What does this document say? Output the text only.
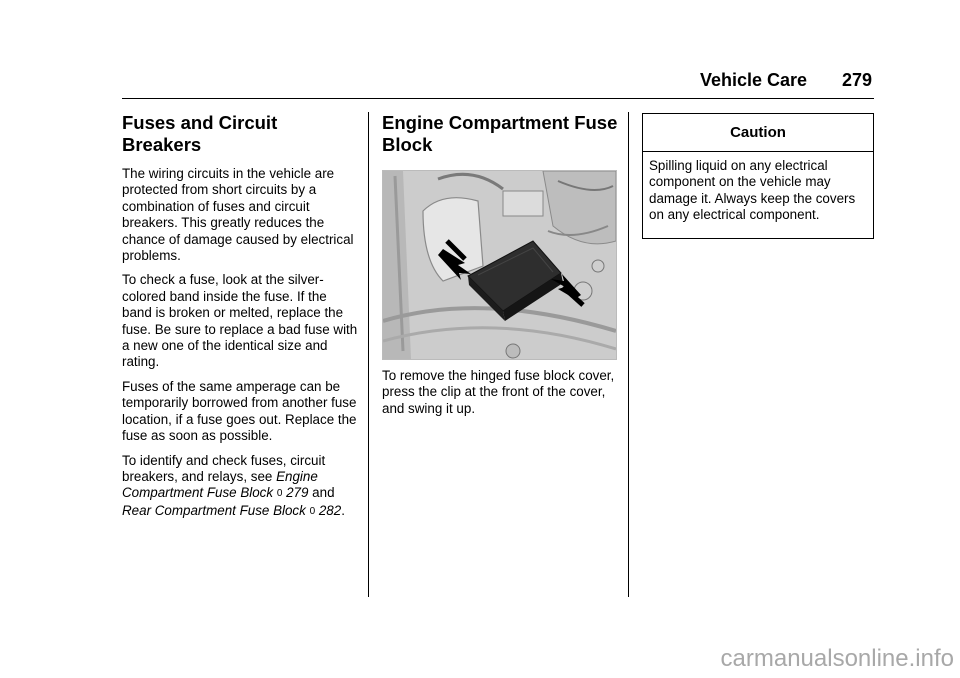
Vehicle Care 279
Fuses and Circuit Breakers

The wiring circuits in the vehicle are protected from short circuits by a combination of fuses and circuit breakers. This greatly reduces the chance of damage caused by electrical problems.

To check a fuse, look at the silver-colored band inside the fuse. If the band is broken or melted, replace the fuse. Be sure to replace a bad fuse with a new one of the identical size and rating.

Fuses of the same amperage can be temporarily borrowed from another fuse location, if a fuse goes out. Replace the fuse as soon as possible.

To identify and check fuses, circuit breakers, and relays, see Engine Compartment Fuse Block 0 279 and Rear Compartment Fuse Block 0 282.

Engine Compartment Fuse Block
To remove the hinged fuse block cover, press the clip at the front of the cover, and swing it up.
Caution
Spilling liquid on any electrical component on the vehicle may damage it. Always keep the covers on any electrical component.
carmanualsonline.info
